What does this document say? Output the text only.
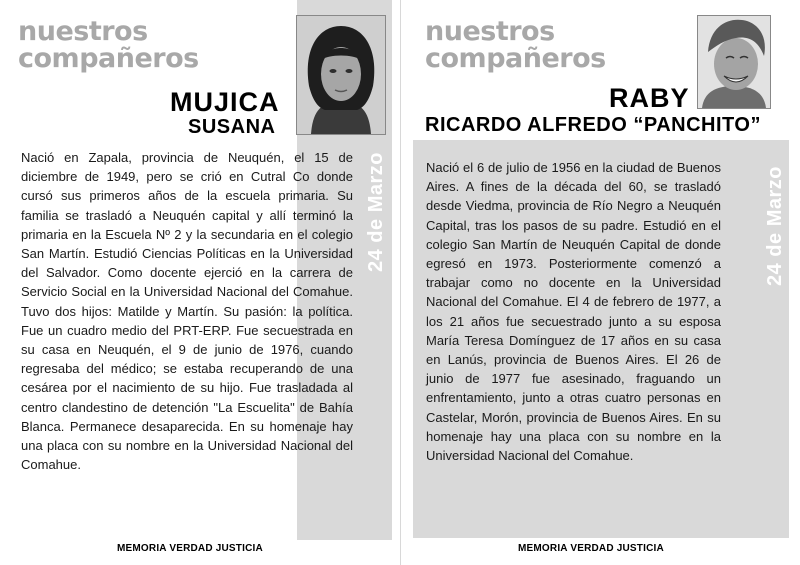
nuestros
compañeros
MUJICA
SUSANA
Nació en Zapala, provincia de Neuquén, el 15 de diciembre de 1949, pero se crió en Cutral Co donde cursó sus primeros años de la escuela primaria. Su familia se trasladó a Neuquén capital y allí terminó la primaria en la Escuela Nº 2 y la secundaria en el colegio San Martín. Estudió Ciencias Políticas en la Universidad del Salvador. Como docente ejerció en la carrera de Servicio Social en la Universidad Nacional del Comahue. Tuvo dos hijos: Matilde y Martín. Su pasión: la política. Fue un cuadro medio del PRT-ERP. Fue secuestrada en su casa en Neuquén, el 9 de junio de 1976, cuando regresaba del médico; se estaba recuperando de una cesárea por el nacimiento de su hijo. Fue trasladada al centro clandestino de detención "La Escuelita" de Bahía Blanca. Permanece desaparecida. En su homenaje hay una placa con su nombre en la Universidad Nacional del Comahue.
24 de Marzo
MEMORIA VERDAD JUSTICIA
nuestros
compañeros
RABY
RICARDO ALFREDO “PANCHITO”
Nació el 6 de julio de 1956 en la ciudad de Buenos Aires. A fines de la década del 60, se trasladó desde Viedma, provincia de Río Negro a Neuquén Capital, tras los pasos de su padre. Estudió en el colegio San Martín de Neuquén Capital de donde egresó en 1973. Posteriormente comenzó a trabajar como no docente en la Universidad Nacional del Comahue. El 4 de febrero de 1977, a los 21 años fue secuestrado junto a su esposa María Teresa Domínguez de 17 años en su casa en Lanús, provincia de Buenos Aires. El 26 de junio de 1977 fue asesinado, fraguando un enfrentamiento, junto a otras cuatro personas en Castelar, Morón, provincia de Buenos Aires. En su homenaje hay una placa con su nombre en la Universidad Nacional del Comahue.
24 de Marzo
MEMORIA VERDAD JUSTICIA
